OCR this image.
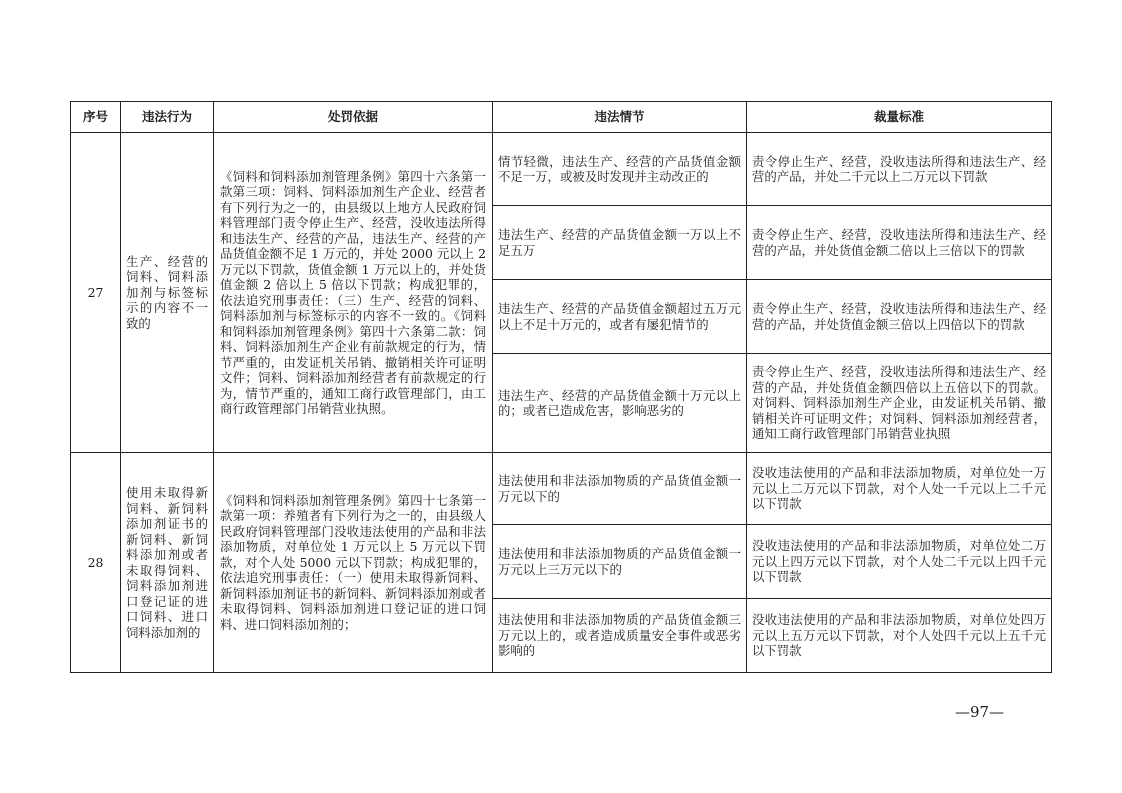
序号	违法行为	处罚依据	违法情节	裁量标准
27	生产、经营的饲料、饲料添加剂与标签标示的内容不一致的	《饲料和饲料添加剂管理条例》第四十六条第一款第三项：饲料、饲料添加剂生产企业、经营者有下列行为之一的，由县级以上地方人民政府饲料管理部门责令停止生产、经营，没收违法所得和违法生产、经营的产品，违法生产、经营的产品货值金额不足 1 万元的，并处 2000 元以上 2 万元以下罚款，货值金额 1 万元以上的，并处货值金额 2 倍以上 5 倍以下罚款；构成犯罪的，依法追究刑事责任：（三）生产、经营的饲料、饲料添加剂与标签标示的内容不一致的。《饲料和饲料添加剂管理条例》第四十六条第二款：饲料、饲料添加剂生产企业有前款规定的行为，情节严重的，由发证机关吊销、撤销相关许可证明文件；饲料、饲料添加剂经营者有前款规定的行为，情节严重的，通知工商行政管理部门，由工商行政管理部门吊销营业执照。	情节轻微，违法生产、经营的产品货值金额不足一万，或被及时发现并主动改正的	责令停止生产、经营，没收违法所得和违法生产、经营的产品，并处二千元以上二万元以下罚款
			违法生产、经营的产品货值金额一万以上不足五万	责令停止生产、经营，没收违法所得和违法生产、经营的产品，并处货值金额二倍以上三倍以下的罚款
			违法生产、经营的产品货值金额超过五万元以上不足十万元的，或者有屡犯情节的	责令停止生产、经营，没收违法所得和违法生产、经营的产品，并处货值金额三倍以上四倍以下的罚款
			违法生产、经营的产品货值金额十万元以上的；或者已造成危害，影响恶劣的	责令停止生产、经营，没收违法所得和违法生产、经营的产品，并处货值金额四倍以上五倍以下的罚款。对饲料、饲料添加剂生产企业，由发证机关吊销、撤销相关许可证明文件；对饲料、饲料添加剂经营者，通知工商行政管理部门吊销营业执照
28	使用未取得新饲料、新饲料添加剂证书的新饲料、新饲料添加剂或者未取得饲料、饲料添加剂进口登记证的进口饲料、进口饲料添加剂的	《饲料和饲料添加剂管理条例》第四十七条第一款第一项：养殖者有下列行为之一的，由县级人民政府饲料管理部门没收违法使用的产品和非法添加物质，对单位处 1 万元以上 5 万元以下罚款，对个人处 5000 元以下罚款；构成犯罪的，依法追究刑事责任：（一）使用未取得新饲料、新饲料添加剂证书的新饲料、新饲料添加剂或者未取得饲料、饲料添加剂进口登记证的进口饲料、进口饲料添加剂的；	违法使用和非法添加物质的产品货值金额一万元以下的	没收违法使用的产品和非法添加物质，对单位处一万元以上二万元以下罚款，对个人处一千元以上二千元以下罚款
			违法使用和非法添加物质的产品货值金额一万元以上三万元以下的	没收违法使用的产品和非法添加物质，对单位处二万元以上四万元以下罚款，对个人处二千元以上四千元以下罚款
			违法使用和非法添加物质的产品货值金额三万元以上的，或者造成质量安全事件或恶劣影响的	没收违法使用的产品和非法添加物质，对单位处四万元以上五万元以下罚款，对个人处四千元以上五千元以下罚款
—97—
